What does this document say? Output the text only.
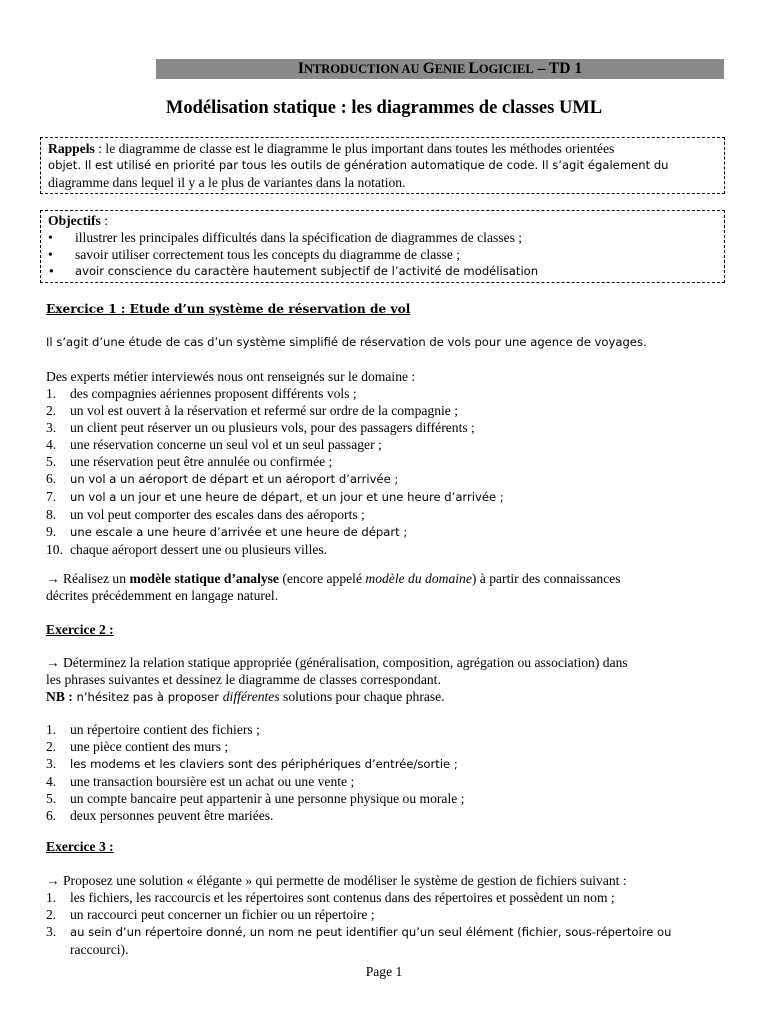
INTRODUCTION AU GENIE LOGICIEL – TD 1
Modélisation statique : les diagrammes de classes UML
Rappels : le diagramme de classe est le diagramme le plus important dans toutes les méthodes orientées
objet. Il est utilisé en priorité par tous les outils de génération automatique de code. Il s’agit également du
diagramme dans lequel il y a le plus de variantes dans la notation.
Objectifs :
• illustrer les principales difficultés dans la spécification de diagrammes de classes ;
• savoir utiliser correctement tous les concepts du diagramme de classe ;
• avoir conscience du caractère hautement subjectif de l’activité de modélisation
Exercice 1 : Etude d’un système de réservation de vol
Il s’agit d’une étude de cas d’un système simplifié de réservation de vols pour une agence de voyages.
Des experts métier interviewés nous ont renseignés sur le domaine :
1. des compagnies aériennes proposent différents vols ;
2. un vol est ouvert à la réservation et refermé sur ordre de la compagnie ;
3. un client peut réserver un ou plusieurs vols, pour des passagers différents ;
4. une réservation concerne un seul vol et un seul passager ;
5. une réservation peut être annulée ou confirmée ;
6. un vol a un aéroport de départ et un aéroport d’arrivée ;
7. un vol a un jour et une heure de départ, et un jour et une heure d’arrivée ;
8. un vol peut comporter des escales dans des aéroports ;
9. une escale a une heure d’arrivée et une heure de départ ;
10. chaque aéroport dessert une ou plusieurs villes.
→ Réalisez un modèle statique d’analyse (encore appelé modèle du domaine) à partir des connaissances
décrites précédemment en langage naturel.
Exercice 2 :
→ Déterminez la relation statique appropriée (généralisation, composition, agrégation ou association) dans
les phrases suivantes et dessinez le diagramme de classes correspondant.
NB : n’hésitez pas à proposer différentes solutions pour chaque phrase.
1. un répertoire contient des fichiers ;
2. une pièce contient des murs ;
3. les modems et les claviers sont des périphériques d’entrée/sortie ;
4. une transaction boursière est un achat ou une vente ;
5. un compte bancaire peut appartenir à une personne physique ou morale ;
6. deux personnes peuvent être mariées.
Exercice 3 :
→ Proposez une solution « élégante » qui permette de modéliser le système de gestion de fichiers suivant :
1. les fichiers, les raccourcis et les répertoires sont contenus dans des répertoires et possèdent un nom ;
2. un raccourci peut concerner un fichier ou un répertoire ;
3. au sein d’un répertoire donné, un nom ne peut identifier qu’un seul élément (fichier, sous-répertoire ou
raccourci).
Page 1
